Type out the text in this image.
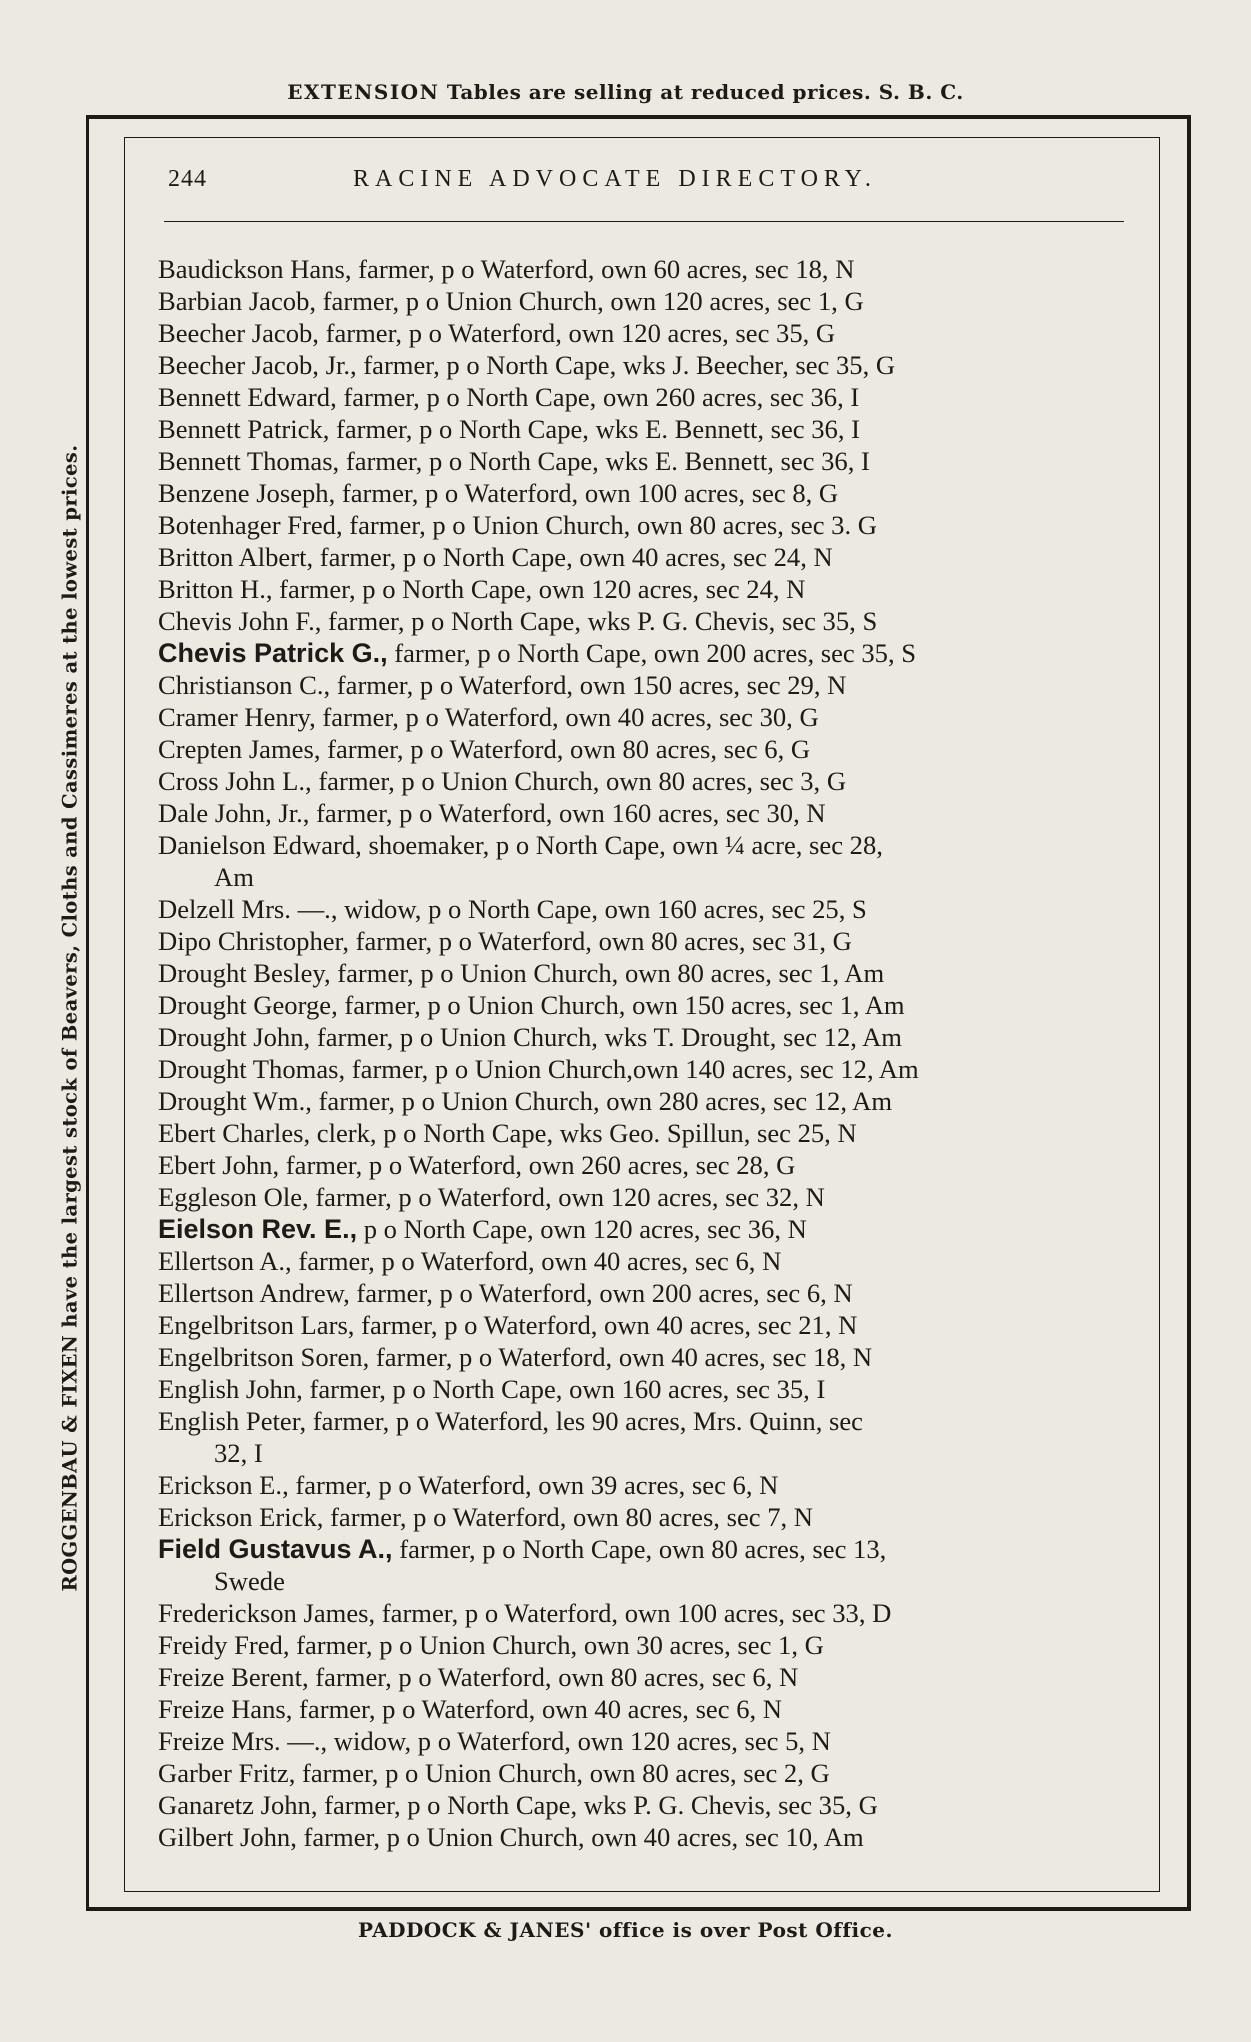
EXTENSION Tables are selling at reduced prices. S. B. C.
ROGGENBAU & FIXEN have the largest stock of Beavers, Cloths and Cassimeres at the lowest prices.
244	RACINE ADVOCATE DIRECTORY.
Baudickson Hans, farmer, p o Waterford, own 60 acres, sec 18, N
Barbian Jacob, farmer, p o Union Church, own 120 acres, sec 1, G
Beecher Jacob, farmer, p o Waterford, own 120 acres, sec 35, G
Beecher Jacob, Jr., farmer, p o North Cape, wks J. Beecher, sec 35, G
Bennett Edward, farmer, p o North Cape, own 260 acres, sec 36, I
Bennett Patrick, farmer, p o North Cape, wks E. Bennett, sec 36, I
Bennett Thomas, farmer, p o North Cape, wks E. Bennett, sec 36, I
Benzene Joseph, farmer, p o Waterford, own 100 acres, sec 8, G
Botenhager Fred, farmer, p o Union Church, own 80 acres, sec 3. G
Britton Albert, farmer, p o North Cape, own 40 acres, sec 24, N
Britton H., farmer, p o North Cape, own 120 acres, sec 24, N
Chevis John F., farmer, p o North Cape, wks P. G. Chevis, sec 35, S
Chevis Patrick G., farmer, p o North Cape, own 200 acres, sec 35, S
Christianson C., farmer, p o Waterford, own 150 acres, sec 29, N
Cramer Henry, farmer, p o Waterford, own 40 acres, sec 30, G
Crepten James, farmer, p o Waterford, own 80 acres, sec 6, G
Cross John L., farmer, p o Union Church, own 80 acres, sec 3, G
Dale John, Jr., farmer, p o Waterford, own 160 acres, sec 30, N
Danielson Edward, shoemaker, p o North Cape, own ¼ acre, sec 28,
Am
Delzell Mrs. —., widow, p o North Cape, own 160 acres, sec 25, S
Dipo Christopher, farmer, p o Waterford, own 80 acres, sec 31, G
Drought Besley, farmer, p o Union Church, own 80 acres, sec 1, Am
Drought George, farmer, p o Union Church, own 150 acres, sec 1, Am
Drought John, farmer, p o Union Church, wks T. Drought, sec 12, Am
Drought Thomas, farmer, p o Union Church,own 140 acres, sec 12, Am
Drought Wm., farmer, p o Union Church, own 280 acres, sec 12, Am
Ebert Charles, clerk, p o North Cape, wks Geo. Spillun, sec 25, N
Ebert John, farmer, p o Waterford, own 260 acres, sec 28, G
Eggleson Ole, farmer, p o Waterford, own 120 acres, sec 32, N
Eielson Rev. E., p o North Cape, own 120 acres, sec 36, N
Ellertson A., farmer, p o Waterford, own 40 acres, sec 6, N
Ellertson Andrew, farmer, p o Waterford, own 200 acres, sec 6, N
Engelbritson Lars, farmer, p o Waterford, own 40 acres, sec 21, N
Engelbritson Soren, farmer, p o Waterford, own 40 acres, sec 18, N
English John, farmer, p o North Cape, own 160 acres, sec 35, I
English Peter, farmer, p o Waterford, les 90 acres, Mrs. Quinn, sec
32, I
Erickson E., farmer, p o Waterford, own 39 acres, sec 6, N
Erickson Erick, farmer, p o Waterford, own 80 acres, sec 7, N
Field Gustavus A., farmer, p o North Cape, own 80 acres, sec 13,
Swede
Frederickson James, farmer, p o Waterford, own 100 acres, sec 33, D
Freidy Fred, farmer, p o Union Church, own 30 acres, sec 1, G
Freize Berent, farmer, p o Waterford, own 80 acres, sec 6, N
Freize Hans, farmer, p o Waterford, own 40 acres, sec 6, N
Freize Mrs. —., widow, p o Waterford, own 120 acres, sec 5, N
Garber Fritz, farmer, p o Union Church, own 80 acres, sec 2, G
Ganaretz John, farmer, p o North Cape, wks P. G. Chevis, sec 35, G
Gilbert John, farmer, p o Union Church, own 40 acres, sec 10, Am
PADDOCK & JANES' office is over Post Office.
